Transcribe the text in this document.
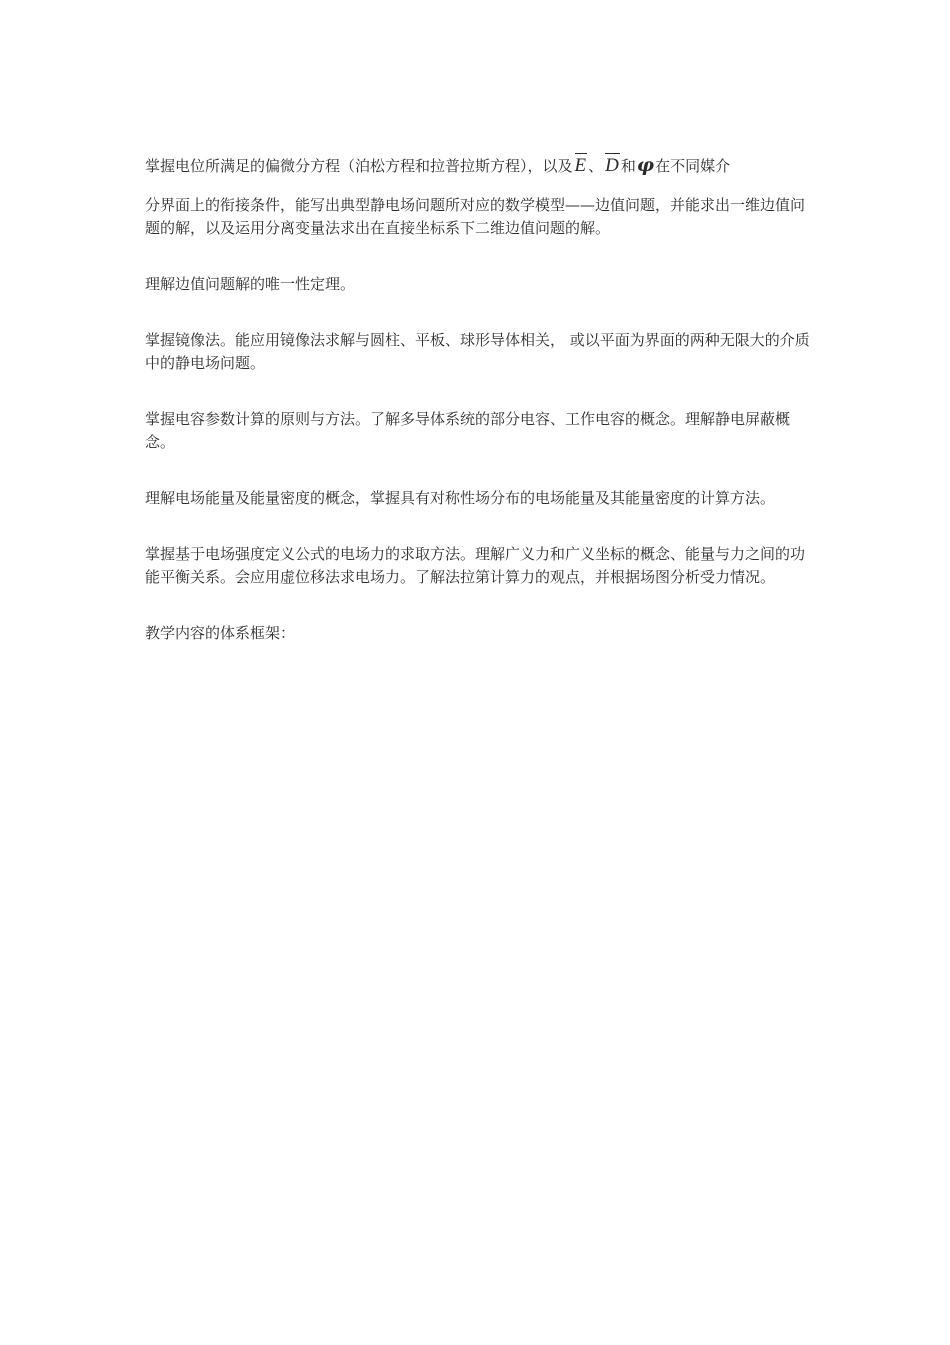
掌握电位所满足的偏微分方程（泊松方程和拉普拉斯方程），以及 E 、 D 和φ在不同媒介

分界面上的衔接条件，能写出典型静电场问题所对应的数学模型——边值问题，并能求出一维边值问题的解，以及运用分离变量法求出在直接坐标系下二维边值问题的解。

理解边值问题解的唯一性定理。

掌握镜像法。能应用镜像法求解与圆柱、平板、球形导体相关， 或以平面为界面的两种无限大的介质中的静电场问题。

掌握电容参数计算的原则与方法。了解多导体系统的部分电容、工作电容的概念。理解静电屏蔽概念。

理解电场能量及能量密度的概念，掌握具有对称性场分布的电场能量及其能量密度的计算方法。

掌握基于电场强度定义公式的电场力的求取方法。理解广义力和广义坐标的概念、能量与力之间的功能平衡关系。会应用虚位移法求电场力。了解法拉第计算力的观点，并根据场图分析受力情况。

教学内容的体系框架：
